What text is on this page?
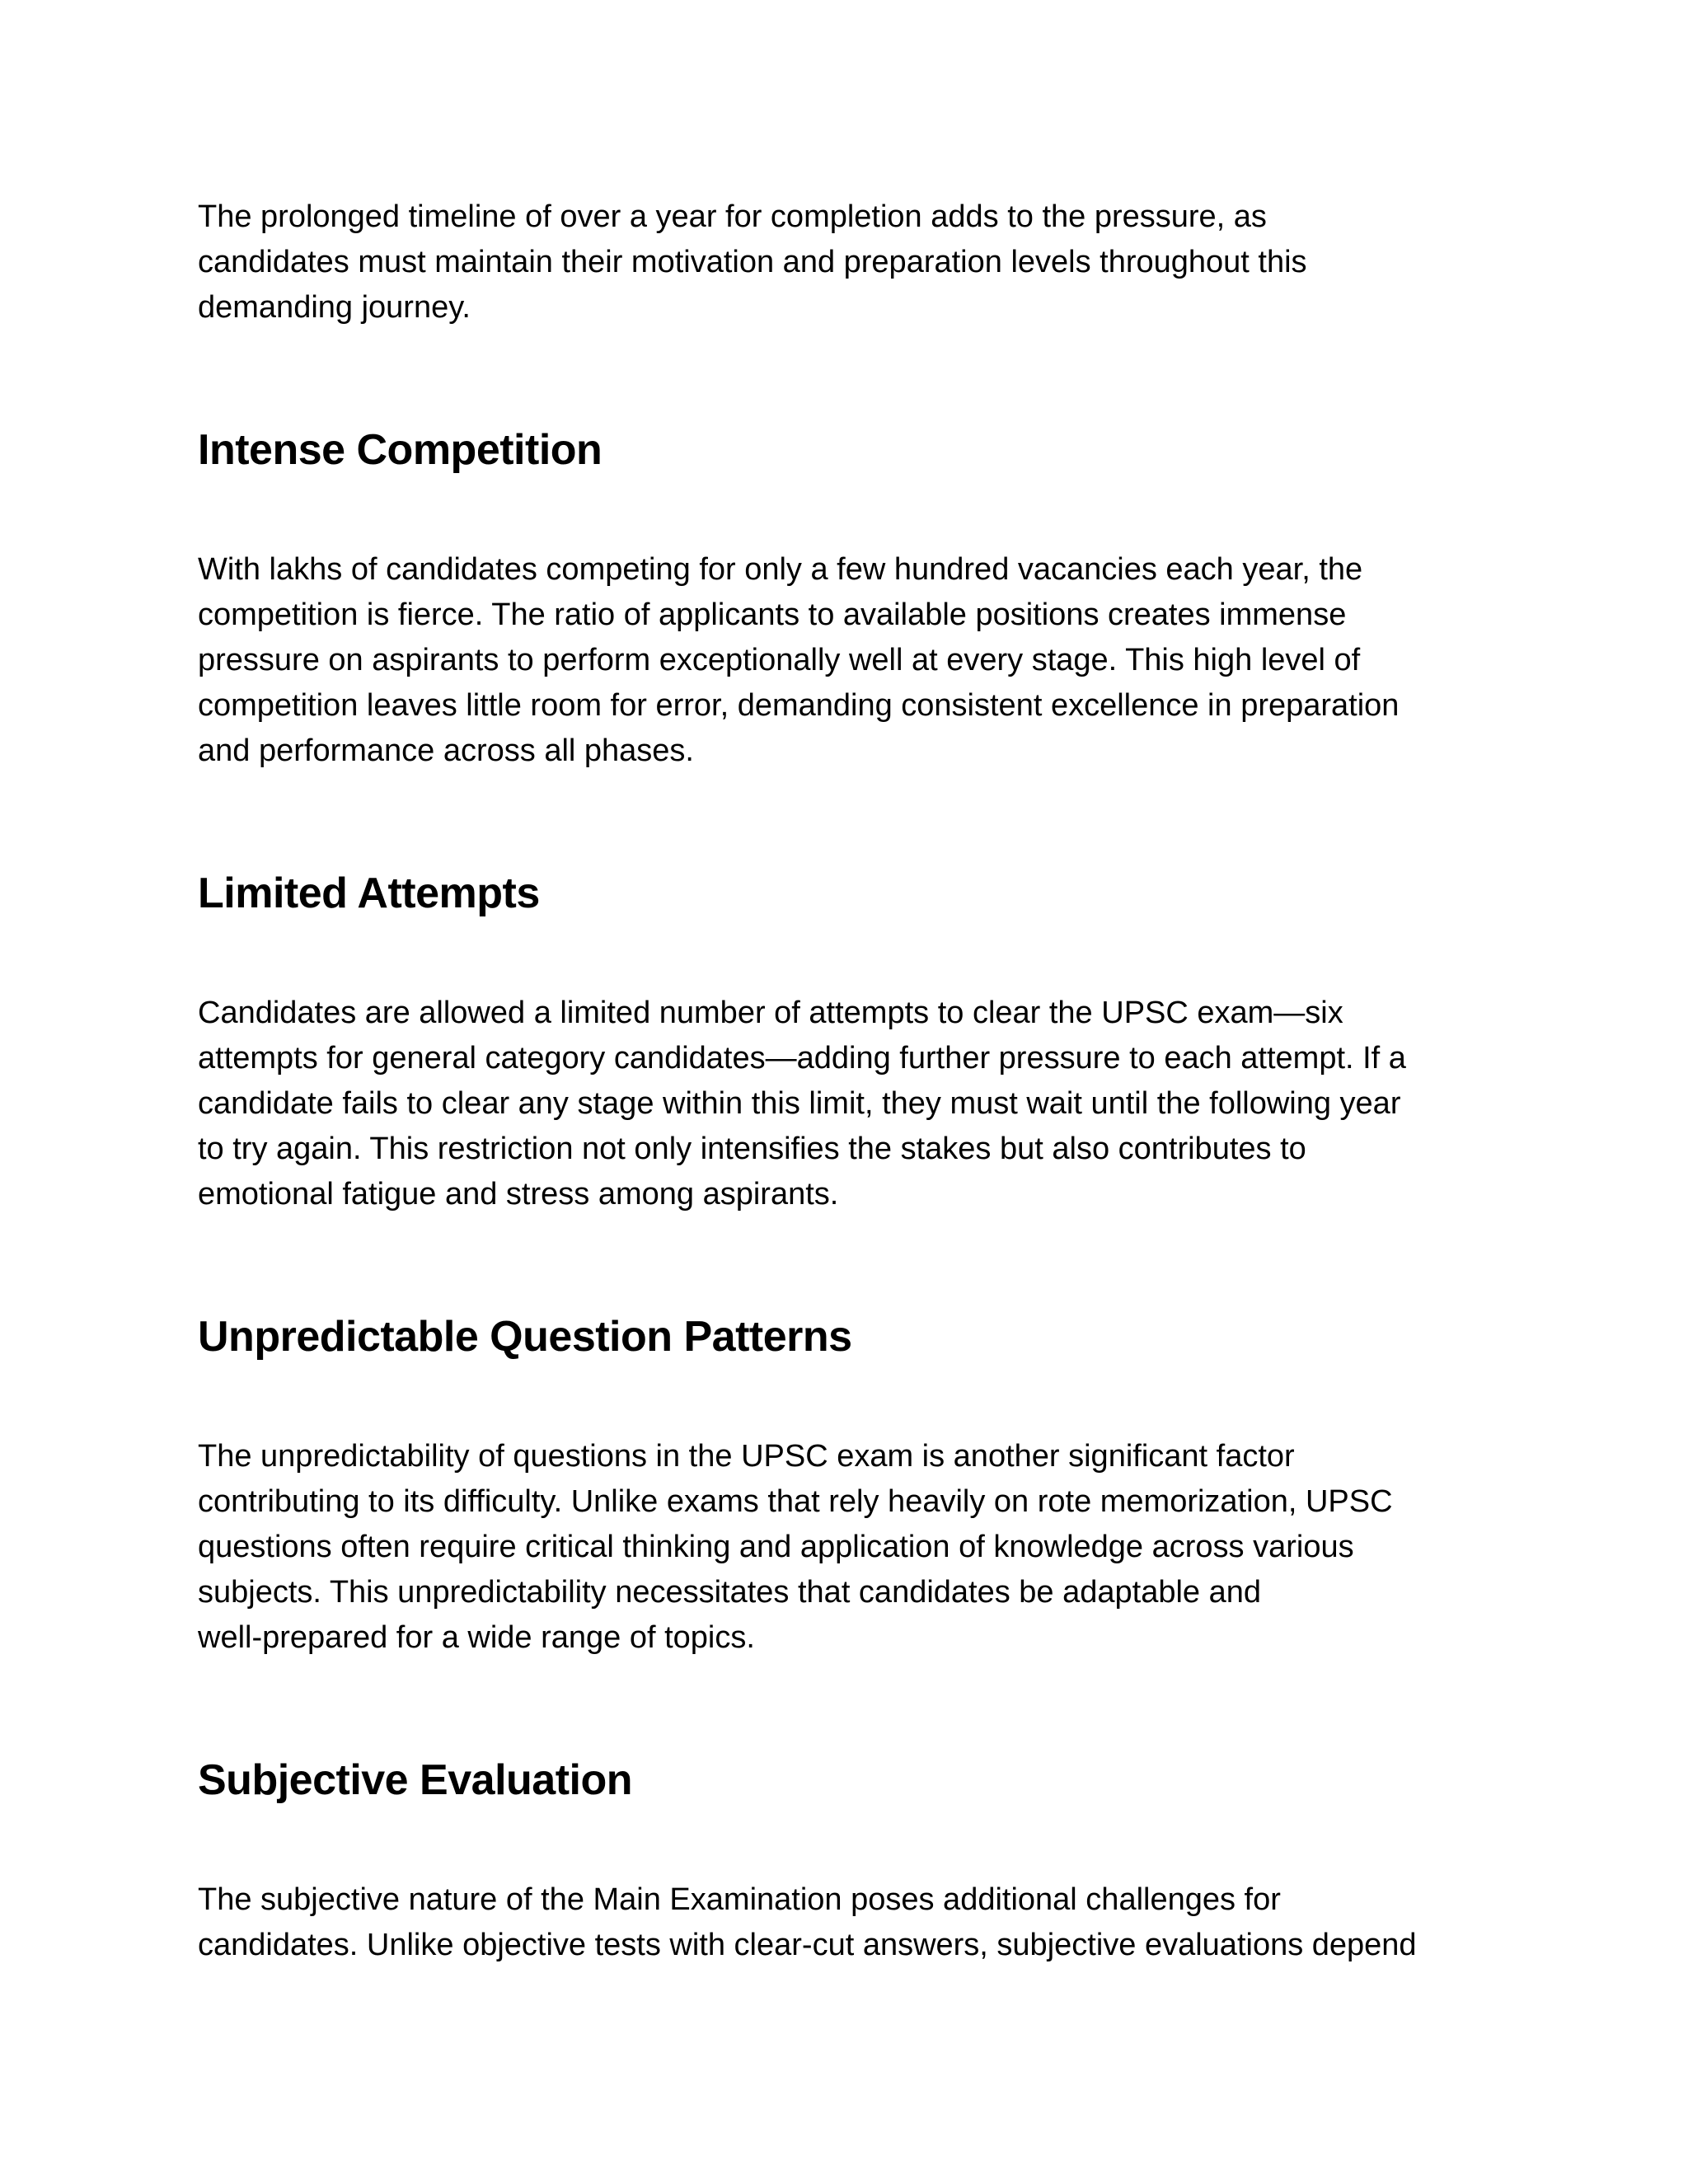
The prolonged timeline of over a year for completion adds to the pressure, as
candidates must maintain their motivation and preparation levels throughout this
demanding journey.

Intense Competition

With lakhs of candidates competing for only a few hundred vacancies each year, the
competition is fierce. The ratio of applicants to available positions creates immense
pressure on aspirants to perform exceptionally well at every stage. This high level of
competition leaves little room for error, demanding consistent excellence in preparation
and performance across all phases.

Limited Attempts

Candidates are allowed a limited number of attempts to clear the UPSC exam—six
attempts for general category candidates—adding further pressure to each attempt. If a
candidate fails to clear any stage within this limit, they must wait until the following year
to try again. This restriction not only intensifies the stakes but also contributes to
emotional fatigue and stress among aspirants.

Unpredictable Question Patterns

The unpredictability of questions in the UPSC exam is another significant factor
contributing to its difficulty. Unlike exams that rely heavily on rote memorization, UPSC
questions often require critical thinking and application of knowledge across various
subjects. This unpredictability necessitates that candidates be adaptable and
well-prepared for a wide range of topics.

Subjective Evaluation

The subjective nature of the Main Examination poses additional challenges for
candidates. Unlike objective tests with clear-cut answers, subjective evaluations depend
